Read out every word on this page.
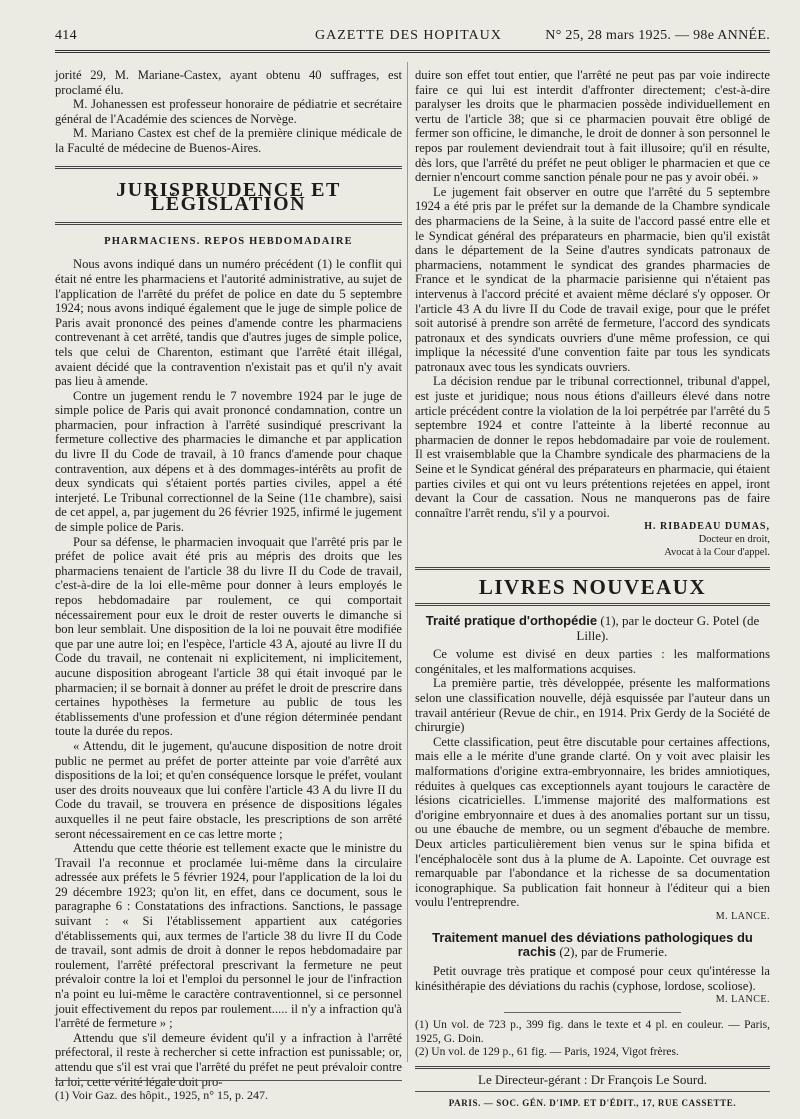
414	GAZETTE DES HOPITAUX	N° 25, 28 mars 1925. — 98e ANNÉE.

jorité 29, M. Mariane-Castex, ayant obtenu 40 suffrages, est proclamé élu.

M. Johanessen est professeur honoraire de pédiatrie et secrétaire général de l'Académie des sciences de Norvège.

M. Mariano Castex est chef de la première clinique médicale de la Faculté de médecine de Buenos-Aires.

JURISPRUDENCE ET LÉGISLATION
PHARMACIENS. REPOS HEBDOMADAIRE

Nous avons indiqué dans un numéro précédent (1) le conflit qui était né entre les pharmaciens et l'autorité administrative, au sujet de l'application de l'arrêté du préfet de police en date du 5 septembre 1924; nous avons indiqué également que le juge de simple police de Paris avait prononcé des peines d'amende contre les pharmaciens contrevenant à cet arrêté, tandis que d'autres juges de simple police, tels que celui de Charenton, estimant que l'arrêté était illégal, avaient décidé que la contravention n'existait pas et qu'il n'y avait pas lieu à amende.

Contre un jugement rendu le 7 novembre 1924 par le juge de simple police de Paris qui avait prononcé condamnation, contre un pharmacien, pour infraction à l'arrêté susindiqué prescrivant la fermeture collective des pharmacies le dimanche et par application du livre II du Code de travail, à 10 francs d'amende pour chaque contravention, aux dépens et à des dommages-intérêts au profit de deux syndicats qui s'étaient portés parties civiles, appel a été interjeté. Le Tribunal correctionnel de la Seine (11e chambre), saisi de cet appel, a, par jugement du 26 février 1925, infirmé le jugement de simple police de Paris.

Pour sa défense, le pharmacien invoquait que l'arrêté pris par le préfet de police avait été pris au mépris des droits que les pharmaciens tenaient de l'article 38 du livre II du Code de travail, c'est-à-dire de la loi elle-même pour donner à leurs employés le repos hebdomadaire par roulement, ce qui comportait nécessairement pour eux le droit de rester ouverts le dimanche si bon leur semblait. Une disposition de la loi ne pouvait être modifiée que par une autre loi; en l'espèce, l'article 43 A, ajouté au livre II du Code du travail, ne contenait ni explicitement, ni implicitement, aucune disposition abrogeant l'article 38 qui était invoqué par le pharmacien; il se bornait à donner au préfet le droit de prescrire dans certaines hypothèses la fermeture au public de tous les établissements d'une profession et d'une région déterminée pendant toute la durée du repos.

« Attendu, dit le jugement, qu'aucune disposition de notre droit public ne permet au préfet de porter atteinte par voie d'arrêté aux dispositions de la loi; et qu'en conséquence lorsque le préfet, voulant user des droits nouveaux que lui confère l'article 43 A du livre II du Code du travail, se trouvera en présence de dispositions légales auxquelles il ne peut faire obstacle, les prescriptions de son arrêté seront nécessairement en ce cas lettre morte ;

Attendu que cette théorie est tellement exacte que le ministre du Travail l'a reconnue et proclamée lui-même dans la circulaire adressée aux préfets le 5 février 1924, pour l'application de la loi du 29 décembre 1923; qu'on lit, en effet, dans ce document, sous le paragraphe 6 : Constatations des infractions. Sanctions, le passage suivant : « Si l'établissement appartient aux catégories d'établissements qui, aux termes de l'article 38 du livre II du Code de travail, sont admis de droit à donner le repos hebdomadaire par roulement, l'arrêté préfectoral prescrivant la fermeture ne peut prévaloir contre la loi et l'emploi du personnel le jour de l'infraction n'a point eu lui-même le caractère contraventionnel, si ce personnel jouit effectivement du repos par roulement..... il n'y a infraction qu'à l'arrêté de fermeture » ;

Attendu que s'il demeure évident qu'il y a infraction à l'arrêté préfectoral, il reste à rechercher si cette infraction est punissable; or, attendu que s'il est vrai que l'arrêté du préfet ne peut prévaloir contre la loi, cette vérité légale doit pro-

(1) Voir Gaz. des hôpit., 1925, n° 15, p. 247.

duire son effet tout entier, que l'arrêté ne peut pas par voie indirecte faire ce qui lui est interdit d'affronter directement; c'est-à-dire paralyser les droits que le pharmacien possède individuellement en vertu de l'article 38; que si ce pharmacien pouvait être obligé de fermer son officine, le dimanche, le droit de donner à son personnel le repos par roulement deviendrait tout à fait illusoire; qu'il en résulte, dès lors, que l'arrêté du préfet ne peut obliger le pharmacien et que ce dernier n'encourt comme sanction pénale pour ne pas y avoir obéi. »

Le jugement fait observer en outre que l'arrêté du 5 septembre 1924 a été pris par le préfet sur la demande de la Chambre syndicale des pharmaciens de la Seine, à la suite de l'accord passé entre elle et le Syndicat général des préparateurs en pharmacie, bien qu'il existât dans le département de la Seine d'autres syndicats patronaux de pharmaciens, notamment le syndicat des grandes pharmacies de France et le syndicat de la pharmacie parisienne qui n'étaient pas intervenus à l'accord précité et avaient même déclaré s'y opposer. Or l'article 43 A du livre II du Code de travail exige, pour que le préfet soit autorisé à prendre son arrêté de fermeture, l'accord des syndicats patronaux et des syndicats ouvriers d'une même profession, ce qui implique la nécessité d'une convention faite par tous les syndicats patronaux avec tous les syndicats ouvriers.

La décision rendue par le tribunal correctionnel, tribunal d'appel, est juste et juridique; nous nous étions d'ailleurs élevé dans notre article précédent contre la violation de la loi perpétrée par l'arrêté du 5 septembre 1924 et contre l'atteinte à la liberté reconnue au pharmacien de donner le repos hebdomadaire par voie de roulement. Il est vraisemblable que la Chambre syndicale des pharmaciens de la Seine et le Syndicat général des préparateurs en pharmacie, qui étaient parties civiles et qui ont vu leurs prétentions rejetées en appel, iront devant la Cour de cassation. Nous ne manquerons pas de faire connaître l'arrêt rendu, s'il y a pourvoi.

H. RIBADEAU DUMAS,
Docteur en droit,
Avocat à la Cour d'appel.
LIVRES NOUVEAUX
Traité pratique d'orthopédie (1), par le docteur G. Potel (de Lille).

Ce volume est divisé en deux parties : les malformations congénitales, et les malformations acquises.

La première partie, très développée, présente les malformations selon une classification nouvelle, déjà esquissée par l'auteur dans un travail antérieur (Revue de chir., en 1914. Prix Gerdy de la Société de chirurgie)

Cette classification, peut être discutable pour certaines affections, mais elle a le mérite d'une grande clarté. On y voit avec plaisir les malformations d'origine extra-embryonnaire, les brides amniotiques, réduites à quelques cas exceptionnels ayant toujours le caractère de lésions cicatricielles. L'immense majorité des malformations est d'origine embryonnaire et dues à des anomalies portant sur un tissu, ou une ébauche de membre, ou un segment d'ébauche de membre. Deux articles particulièrement bien venus sur le spina bifida et l'encéphalocèle sont dus à la plume de A. Lapointe. Cet ouvrage est remarquable par l'abondance et la richesse de sa documentation iconographique. Sa publication fait honneur à l'éditeur qui a bien voulu l'entreprendre.

M. LANCE.
Traitement manuel des déviations pathologiques du rachis (2), par de Frumerie.

Petit ouvrage très pratique et composé pour ceux qu'intéresse la kinésithérapie des déviations du rachis (cyphose, lordose, scoliose).

M. LANCE.
(1) Un vol. de 723 p., 399 fig. dans le texte et 4 pl. en couleur. — Paris, 1925, G. Doin.
(2) Un vol. de 129 p., 61 fig. — Paris, 1924, Vigot frères.
Le Directeur-gérant : Dr François Le Sourd.
PARIS. — SOC. GÉN. D'IMP. ET D'ÉDIT., 17, RUE CASSETTE.
